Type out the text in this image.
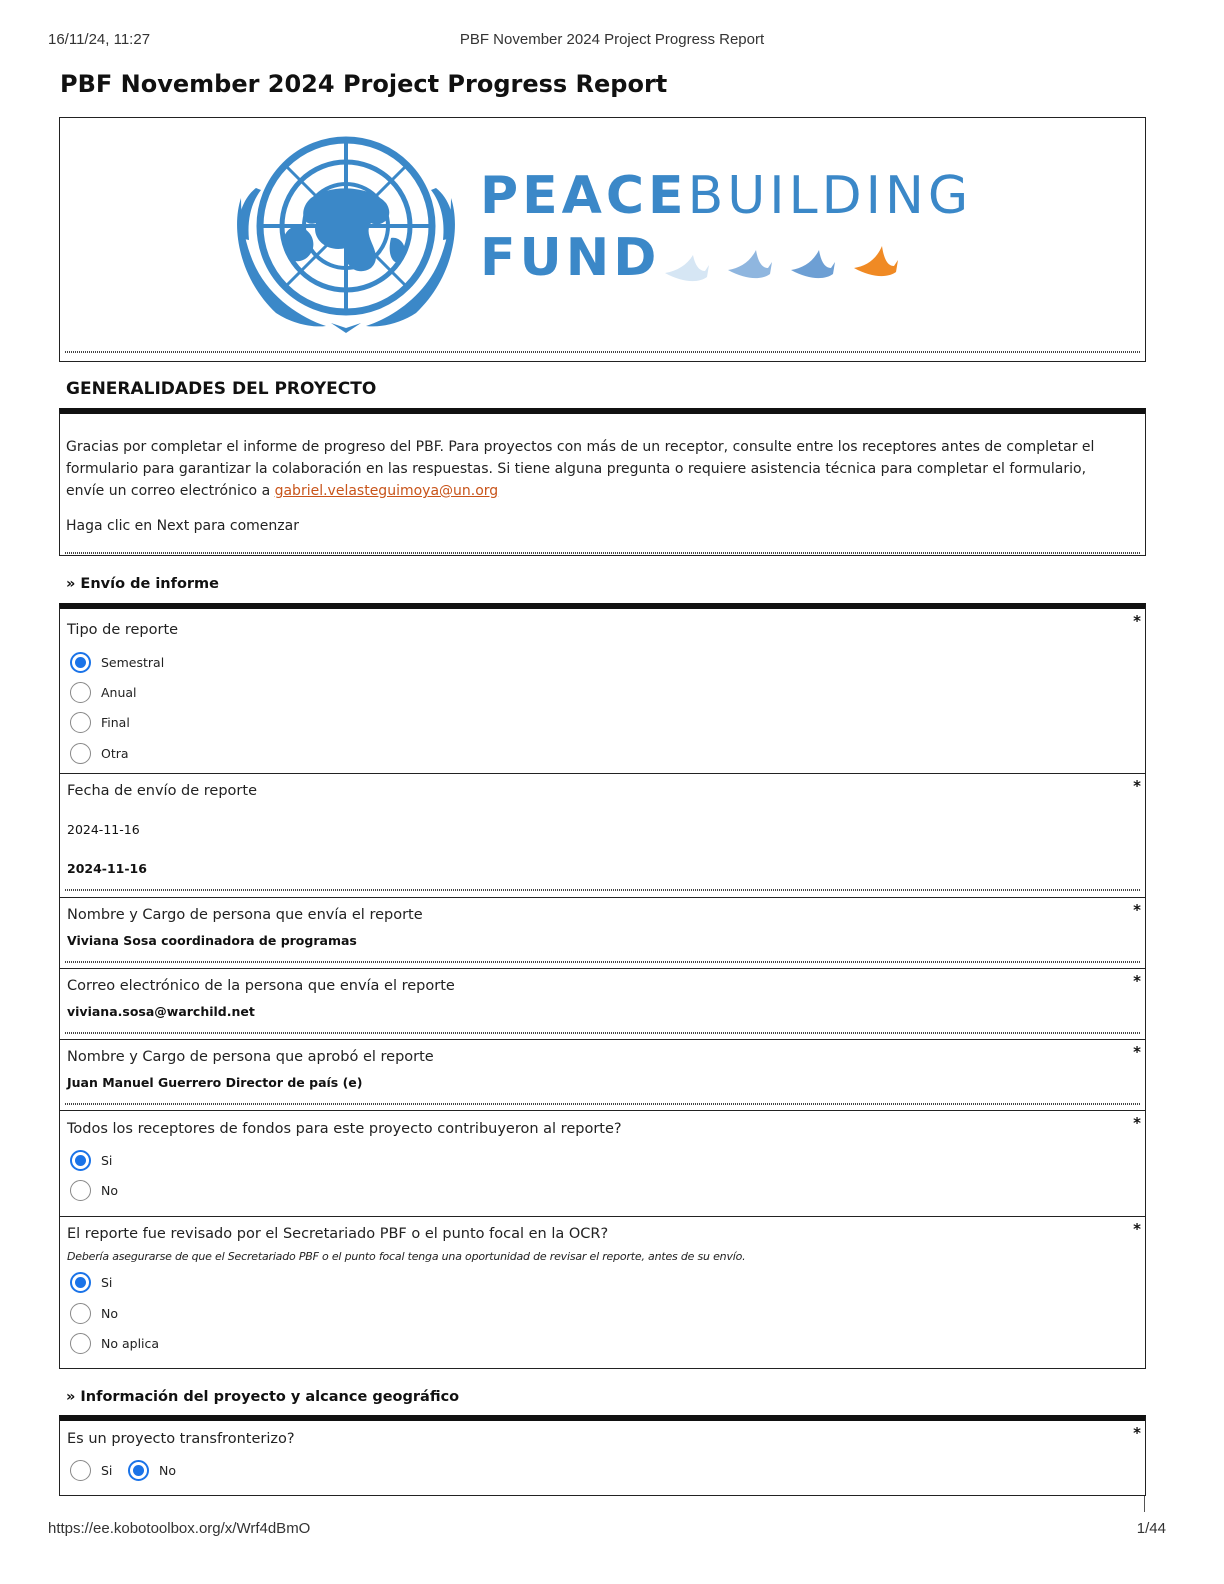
16/11/24, 11:27	PBF November 2024 Project Progress Report
PBF November 2024 Project Progress Report
PEACEBUILDING
FUND
GENERALIDADES DEL PROYECTO

Gracias por completar el informe de progreso del PBF. Para proyectos con más de un receptor, consulte entre los receptores antes de completar el formulario para garantizar la colaboración en las respuestas. Si tiene alguna pregunta o requiere asistencia técnica para completar el formulario, envíe un correo electrónico a gabriel.velasteguimoya@un.org

Haga clic en Next para comenzar

» Envío de informe
*
Tipo de reporte
Semestral
Anual
Final
Otra
*
Fecha de envío de reporte
2024-11-16
2024-11-16
*
Nombre y Cargo de persona que envía el reporte
Viviana Sosa coordinadora de programas
*
Correo electrónico de la persona que envía el reporte
viviana.sosa@warchild.net
*
Nombre y Cargo de persona que aprobó el reporte
Juan Manuel Guerrero Director de país (e)
*
Todos los receptores de fondos para este proyecto contribuyeron al reporte?
Si
No
*
El reporte fue revisado por el Secretariado PBF o el punto focal en la OCR?
Debería asegurarse de que el Secretariado PBF o el punto focal tenga una oportunidad de revisar el reporte, antes de su envío.
Si
No
No aplica
» Información del proyecto y alcance geográfico
*
Es un proyecto transfronterizo?
Si	No
https://ee.kobotoolbox.org/x/Wrf4dBmO	1/44
